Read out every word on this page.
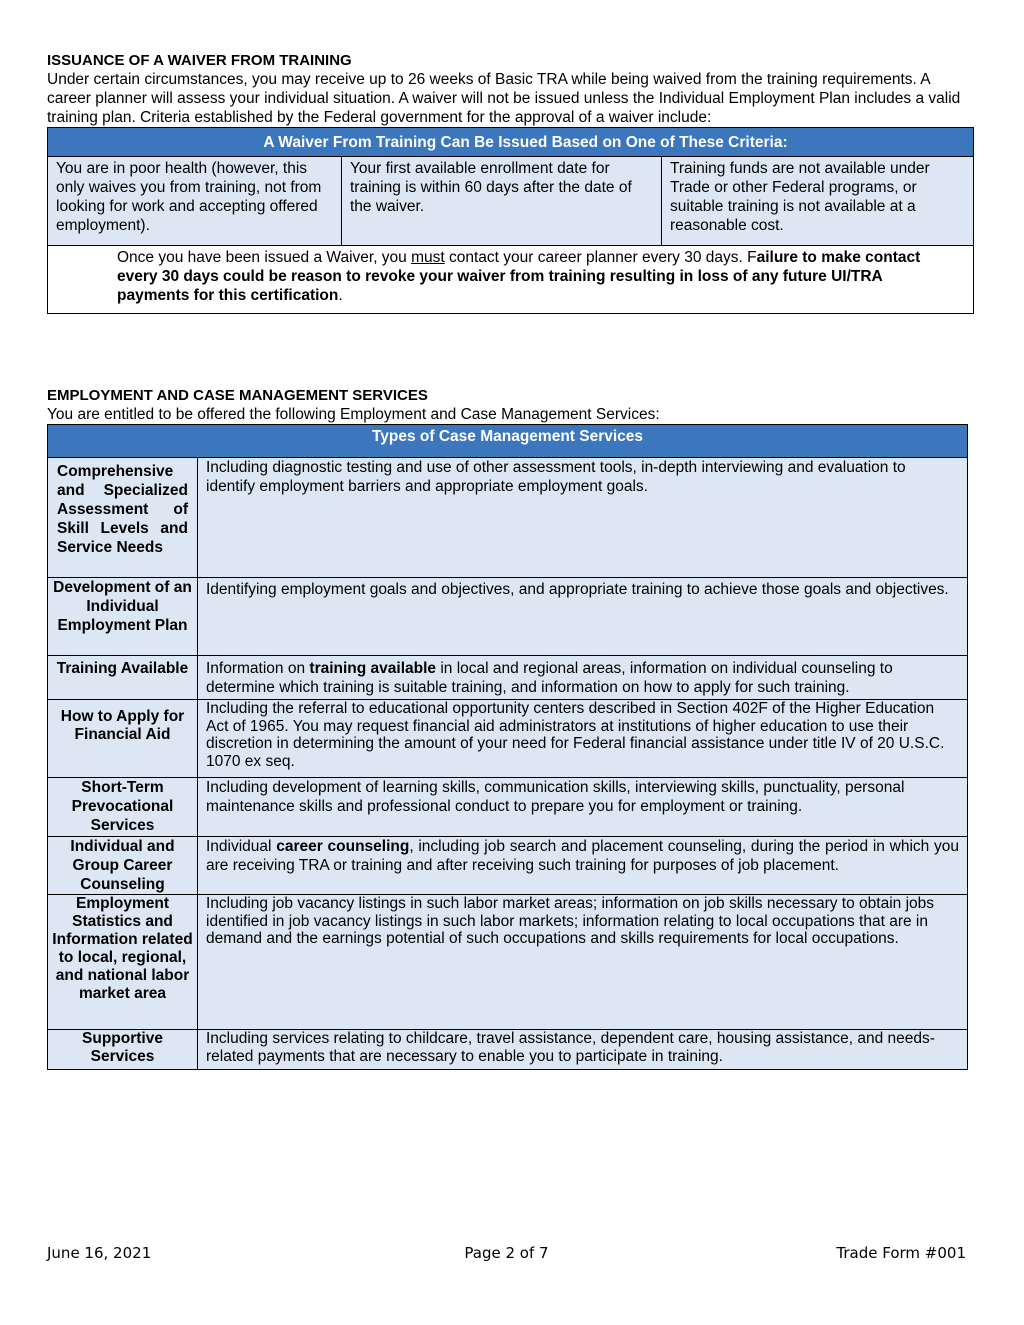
ISSUANCE OF A WAIVER FROM TRAINING

Under certain circumstances, you may receive up to 26 weeks of Basic TRA while being waived from the training requirements. A career planner will assess your individual situation. A waiver will not be issued unless the Individual Employment Plan includes a valid training plan. Criteria established by the Federal government for the approval of a waiver include:

A Waiver From Training Can Be Issued Based on One of These Criteria:
You are in poor health (however, this only waives you from training, not from looking for work and accepting offered employment).	Your first available enrollment date for training is within 60 days after the date of the waiver.	Training funds are not available under Trade or other Federal programs, or suitable training is not available at a reasonable cost.
Once you have been issued a Waiver, you must contact your career planner every 30 days. Failure to make contact every 30 days could be reason to revoke your waiver from training resulting in loss of any future UI/TRA payments for this certification.

EMPLOYMENT AND CASE MANAGEMENT SERVICES

You are entitled to be offered the following Employment and Case Management Services:

Types of Case Management Services	

Comprehensive and Specialized Assessment of Skill Levels and Service Needs	Including diagnostic testing and use of other assessment tools, in-depth interviewing and evaluation to identify employment barriers and appropriate employment goals.
Development of an Individual Employment Plan	Identifying employment goals and objectives, and appropriate training to achieve those goals and objectives.
Training Available	Information on training available in local and regional areas, information on individual counseling to determine which training is suitable training, and information on how to apply for such training.
How to Apply for Financial Aid	Including the referral to educational opportunity centers described in Section 402F of the Higher Education Act of 1965. You may request financial aid administrators at institutions of higher education to use their discretion in determining the amount of your need for Federal financial assistance under title IV of 20 U.S.C. 1070 ex seq.
Short-Term Prevocational Services	Including development of learning skills, communication skills, interviewing skills, punctuality, personal maintenance skills and professional conduct to prepare you for employment or training.
Individual and Group Career Counseling	Individual career counseling, including job search and placement counseling, during the period in which you are receiving TRA or training and after receiving such training for purposes of job placement.
Employment Statistics and Information related to local, regional, and national labor market area	Including job vacancy listings in such labor market areas; information on job skills necessary to obtain jobs identified in job vacancy listings in such labor markets; information relating to local occupations that are in demand and the earnings potential of such occupations and skills requirements for local occupations.
Supportive Services	Including services relating to childcare, travel assistance, dependent care, housing assistance, and needs-related payments that are necessary to enable you to participate in training.
June 16, 2021	Page 2 of 7	Trade Form #001
